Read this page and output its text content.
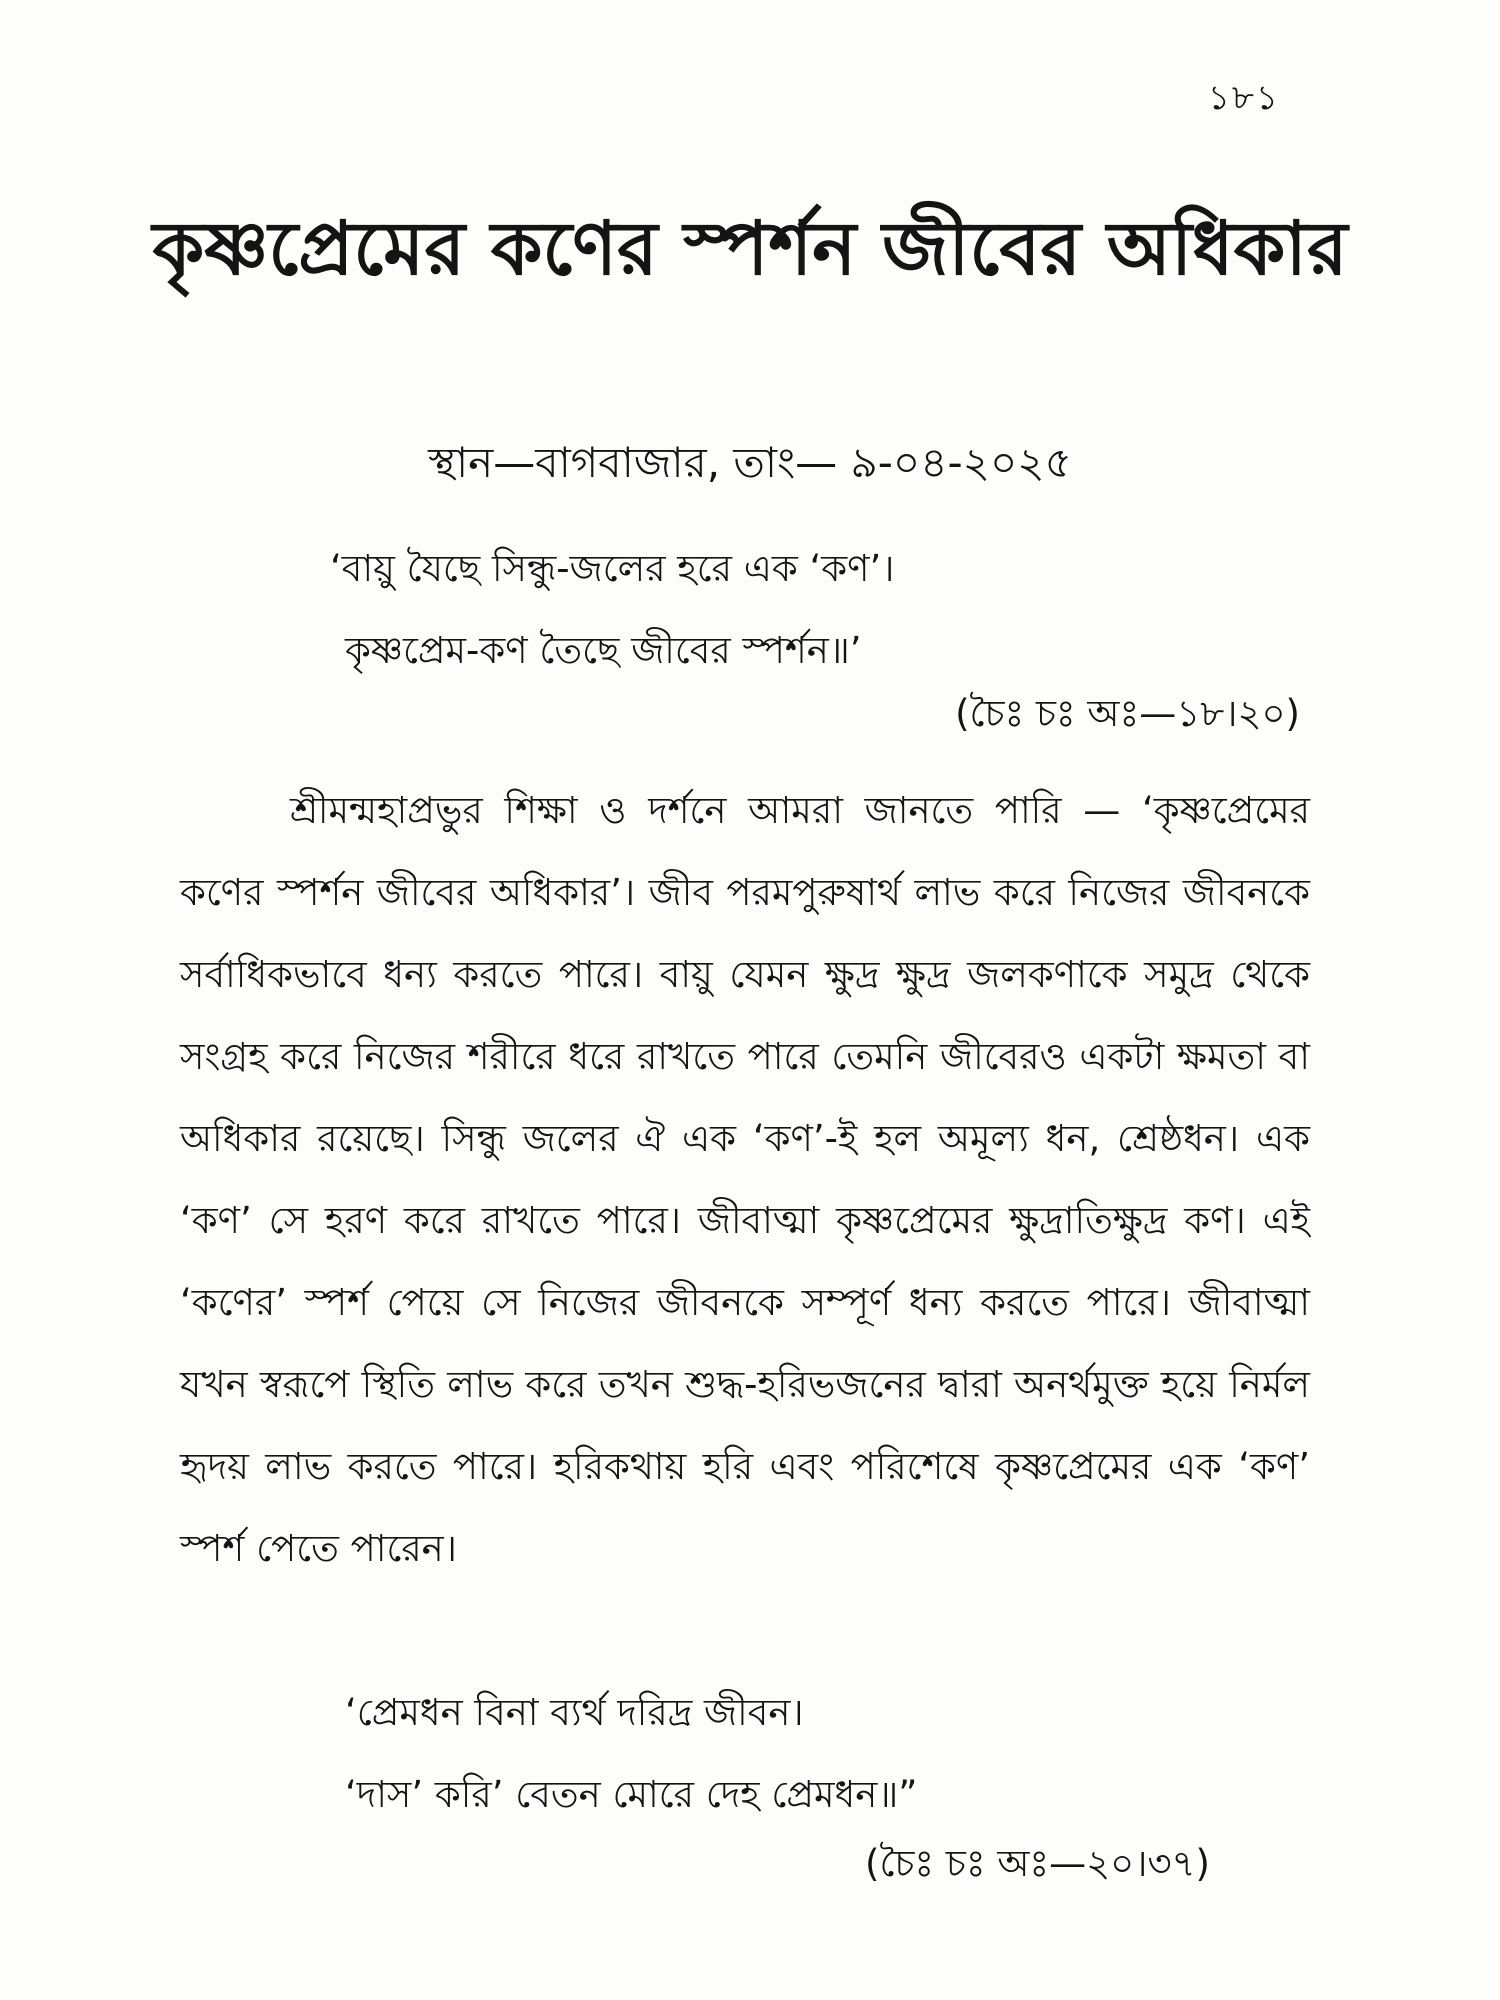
১৮১
কৃষ্ণপ্রেমের কণের স্পর্শন জীবের অধিকার
স্থান—বাগবাজার, তাং— ৯-০৪-২০২৫
‘বায়ু যৈছে সিন্ধু-জলের হরে এক ‘কণ’।
কৃষ্ণপ্রেম-কণ তৈছে জীবের স্পর্শন॥’
(চৈঃ চঃ অঃ—১৮।২০)

শ্রীমন্মহাপ্রভুর শিক্ষা ও দর্শনে আমরা জানতে পারি — ‘কৃষ্ণপ্রেমের কণের স্পর্শন জীবের অধিকার’। জীব পরমপুরুষার্থ লাভ করে নিজের জীবনকে সর্বাধিকভাবে ধন্য করতে পারে। বায়ু যেমন ক্ষুদ্র ক্ষুদ্র জলকণাকে সমুদ্র থেকে সংগ্রহ করে নিজের শরীরে ধরে রাখতে পারে তেমনি জীবেরও একটা ক্ষমতা বা অধিকার রয়েছে। সিন্ধু জলের ঐ এক ‘কণ’-ই হল অমূল্য ধন, শ্রেষ্ঠধন। এক ‘কণ’ সে হরণ করে রাখতে পারে। জীবাত্মা কৃষ্ণপ্রেমের ক্ষুদ্রাতিক্ষুদ্র কণ। এই ‘কণের’ স্পর্শ পেয়ে সে নিজের জীবনকে সম্পূর্ণ ধন্য করতে পারে। জীবাত্মা যখন স্বরূপে স্থিতি লাভ করে তখন শুদ্ধ-হরিভজনের দ্বারা অনর্থমুক্ত হয়ে নির্মল হৃদয় লাভ করতে পারে। হরিকথায় হরি এবং পরিশেষে কৃষ্ণপ্রেমের এক ‘কণ’ স্পর্শ পেতে পারেন।

‘প্রেমধন বিনা ব্যর্থ দরিদ্র জীবন।
‘দাস’ করি’ বেতন মোরে দেহ প্রেমধন॥”
(চৈঃ চঃ অঃ—২০।৩৭)
